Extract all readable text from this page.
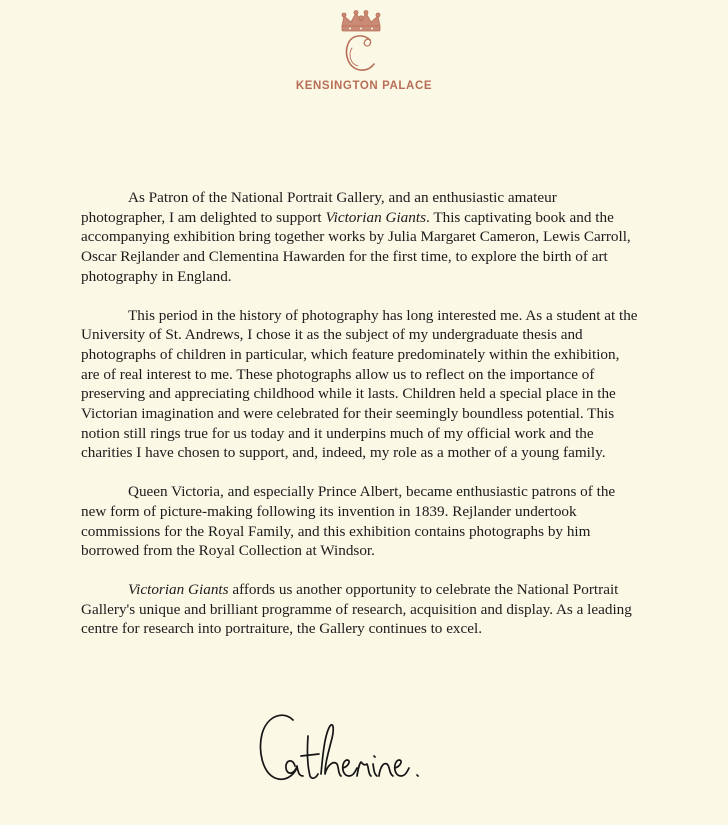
KENSINGTON PALACE

As Patron of the National Portrait Gallery, and an enthusiastic amateur photographer, I am delighted to support Victorian Giants. This captivating book and the accompanying exhibition bring together works by Julia Margaret Cameron, Lewis Carroll, Oscar Rejlander and Clementina Hawarden for the first time, to explore the birth of art photography in England.

This period in the history of photography has long interested me. As a student at the University of St. Andrews, I chose it as the subject of my undergraduate thesis and photographs of children in particular, which feature predominately within the exhibition, are of real interest to me. These photographs allow us to reflect on the importance of preserving and appreciating childhood while it lasts. Children held a special place in the Victorian imagination and were celebrated for their seemingly boundless potential. This notion still rings true for us today and it underpins much of my official work and the charities I have chosen to support, and, indeed, my role as a mother of a young family.

Queen Victoria, and especially Prince Albert, became enthusiastic patrons of the new form of picture-making following its invention in 1839. Rejlander undertook commissions for the Royal Family, and this exhibition contains photographs by him borrowed from the Royal Collection at Windsor.

Victorian Giants affords us another opportunity to celebrate the National Portrait Gallery's unique and brilliant programme of research, acquisition and display. As a leading centre for research into portraiture, the Gallery continues to excel.
